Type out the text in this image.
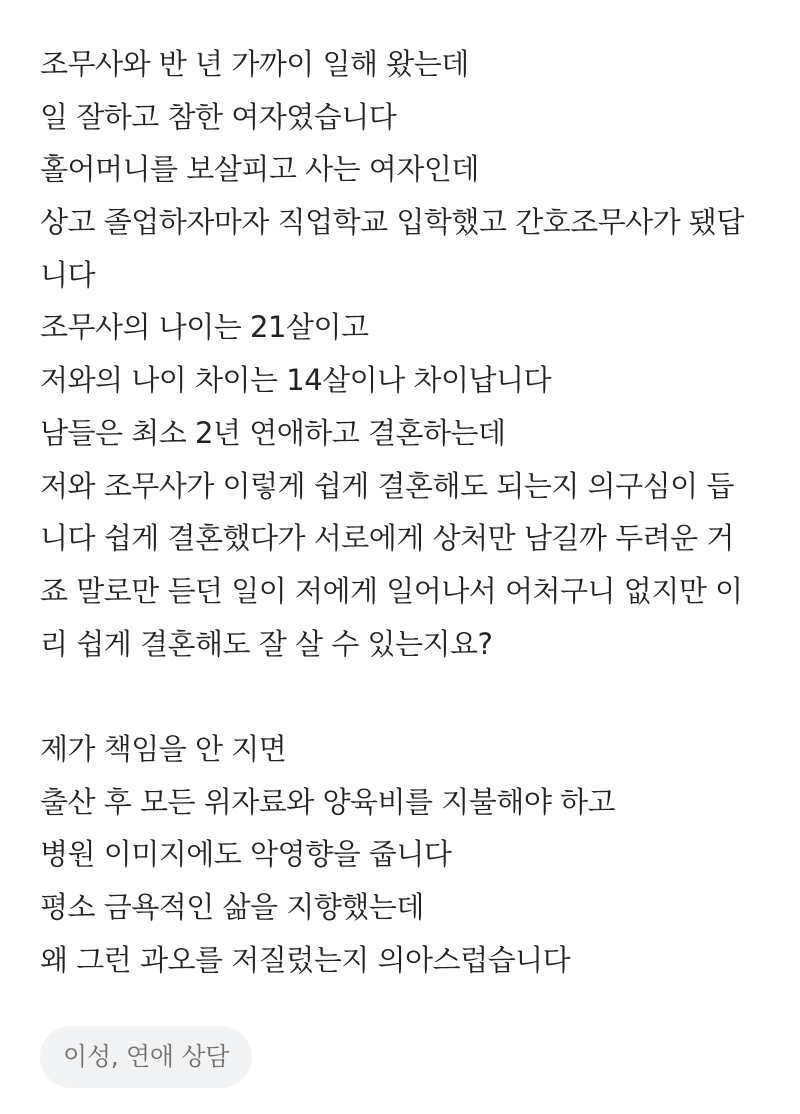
조무사와 반 년 가까이 일해 왔는데
일 잘하고 참한 여자였습니다
홀어머니를 보살피고 사는 여자인데
상고 졸업하자마자 직업학교 입학했고 간호조무사가 됐답
니다
조무사의 나이는 21살이고
저와의 나이 차이는 14살이나 차이납니다
남들은 최소 2년 연애하고 결혼하는데
저와 조무사가 이렇게 쉽게 결혼해도 되는지 의구심이 듭
니다 쉽게 결혼했다가 서로에게 상처만 남길까 두려운 거
죠 말로만 듣던 일이 저에게 일어나서 어처구니 없지만 이
리 쉽게 결혼해도 잘 살 수 있는지요?
제가 책임을 안 지면
출산 후 모든 위자료와 양육비를 지불해야 하고
병원 이미지에도 악영향을 줍니다
평소 금욕적인 삶을 지향했는데
왜 그런 과오를 저질렀는지 의아스럽습니다
이성, 연애 상담
